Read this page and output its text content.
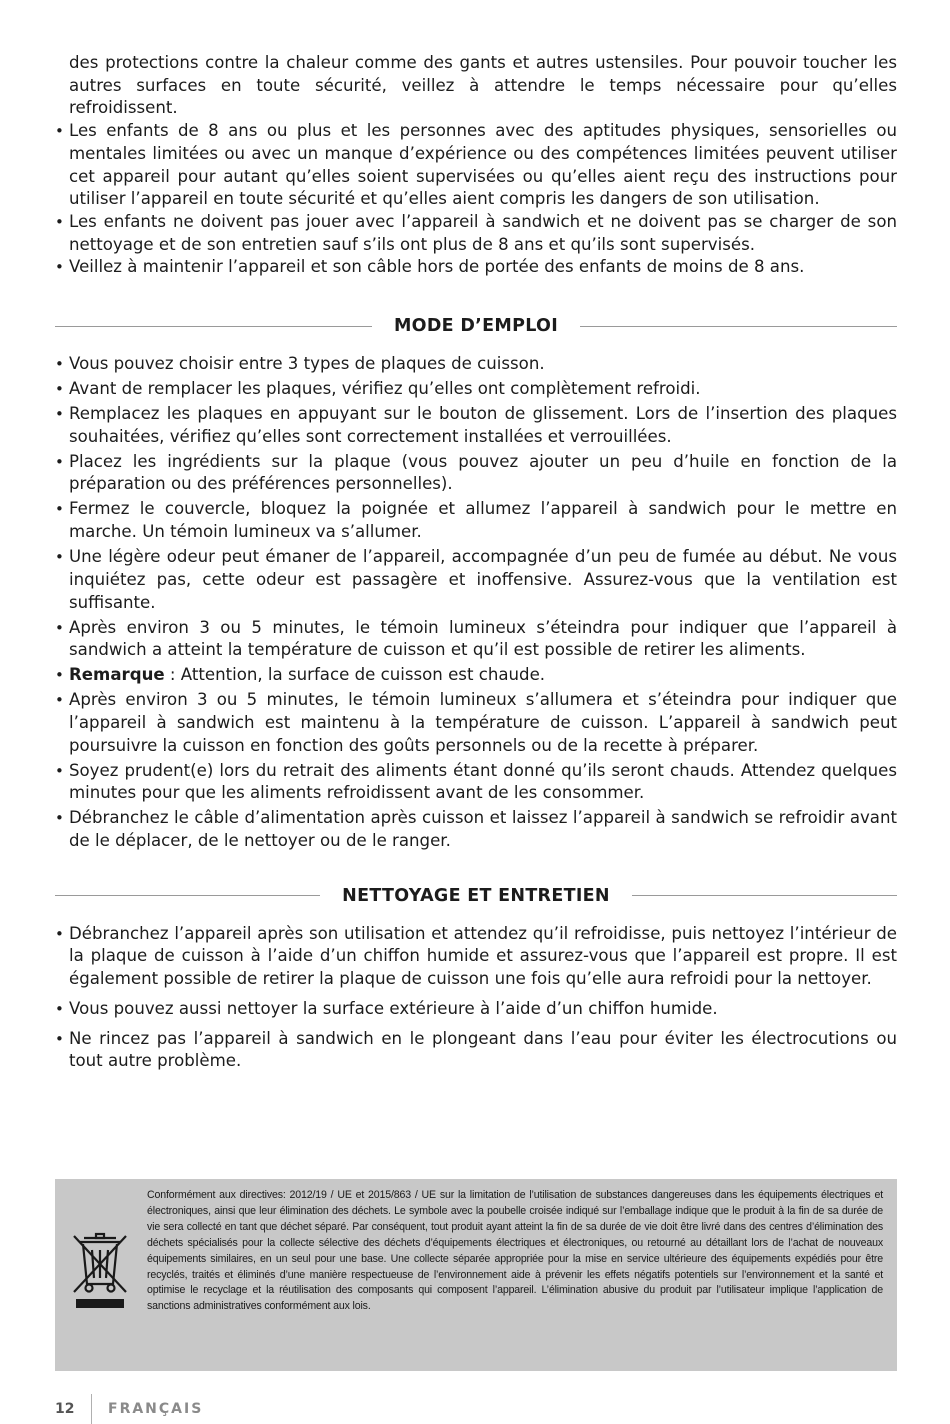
des protections contre la chaleur comme des gants et autres ustensiles. Pour pouvoir toucher les autres surfaces en toute sécurité, veillez à attendre le temps nécessaire pour qu’elles refroidissent.

• Les enfants de 8 ans ou plus et les personnes avec des aptitudes physiques, sensorielles ou mentales limitées ou avec un manque d’expérience ou des compétences limitées peuvent utiliser cet appareil pour autant qu’elles soient supervisées ou qu’elles aient reçu des instructions pour utiliser l’appareil en toute sécurité et qu’elles aient compris les dangers de son utilisation.
• Les enfants ne doivent pas jouer avec l’appareil à sandwich et ne doivent pas se charger de son nettoyage et de son entretien sauf s’ils ont plus de 8 ans et qu’ils sont supervisés.
• Veillez à maintenir l’appareil et son câble hors de portée des enfants de moins de 8 ans.
MODE D’EMPLOI
• Vous pouvez choisir entre 3 types de plaques de cuisson.
• Avant de remplacer les plaques, vérifiez qu’elles ont complètement refroidi.
• Remplacez les plaques en appuyant sur le bouton de glissement. Lors de l’insertion des plaques souhaitées, vérifiez qu’elles sont correctement installées et verrouillées.
• Placez les ingrédients sur la plaque (vous pouvez ajouter un peu d’huile en fonction de la préparation ou des préférences personnelles).
• Fermez le couvercle, bloquez la poignée et allumez l’appareil à sandwich pour le mettre en marche. Un témoin lumineux va s’allumer.
• Une légère odeur peut émaner de l’appareil, accompagnée d’un peu de fumée au début. Ne vous inquiétez pas, cette odeur est passagère et inoffensive. Assurez-vous que la ventilation est suffisante.
• Après environ 3 ou 5 minutes, le témoin lumineux s’éteindra pour indiquer que l’appareil à sandwich a atteint la température de cuisson et qu’il est possible de retirer les aliments.
• Remarque : Attention, la surface de cuisson est chaude.
• Après environ 3 ou 5 minutes, le témoin lumineux s’allumera et s’éteindra pour indiquer que l’appareil à sandwich est maintenu à la température de cuisson. L’appareil à sandwich peut poursuivre la cuisson en fonction des goûts personnels ou de la recette à préparer.
• Soyez prudent(e) lors du retrait des aliments étant donné qu’ils seront chauds. Attendez quelques minutes pour que les aliments refroidissent avant de les consommer.
• Débranchez le câble d’alimentation après cuisson et laissez l’appareil à sandwich se refroidir avant de le déplacer, de le nettoyer ou de le ranger.
NETTOYAGE ET ENTRETIEN
• Débranchez l’appareil après son utilisation et attendez qu’il refroidisse, puis nettoyez l’intérieur de la plaque de cuisson à l’aide d’un chiffon humide et assurez-vous que l’appareil est propre. Il est également possible de retirer la plaque de cuisson une fois qu’elle aura refroidi pour la nettoyer.
• Vous pouvez aussi nettoyer la surface extérieure à l’aide d’un chiffon humide.
• Ne rincez pas l’appareil à sandwich en le plongeant dans l’eau pour éviter les électrocutions ou tout autre problème.
Conformément aux directives: 2012/19 / UE et 2015/863 / UE sur la limitation de l’utilisation de substances dangereuses dans les équipements électriques et électroniques, ainsi que leur élimination des déchets. Le symbole avec la poubelle croisée indiqué sur l’emballage indique que le produit à la fin de sa durée de vie sera collecté en tant que déchet séparé. Par conséquent, tout produit ayant atteint la fin de sa durée de vie doit être livré dans des centres d’élimination des déchets spécialisés pour la collecte sélective des déchets d’équipements électriques et électroniques, ou retourné au détaillant lors de l’achat de nouveaux équipements similaires, en un seul pour une base. Une collecte séparée appropriée pour la mise en service ultérieure des équipements expédiés pour être recyclés, traités et éliminés d’une manière respectueuse de l’environnement aide à prévenir les effets négatifs potentiels sur l’environnement et la santé et optimise le recyclage et la réutilisation des composants qui composent l’appareil. L’élimination abusive du produit par l’utilisateur implique l’application de sanctions administratives conformément aux lois.
12	FRANÇAIS
